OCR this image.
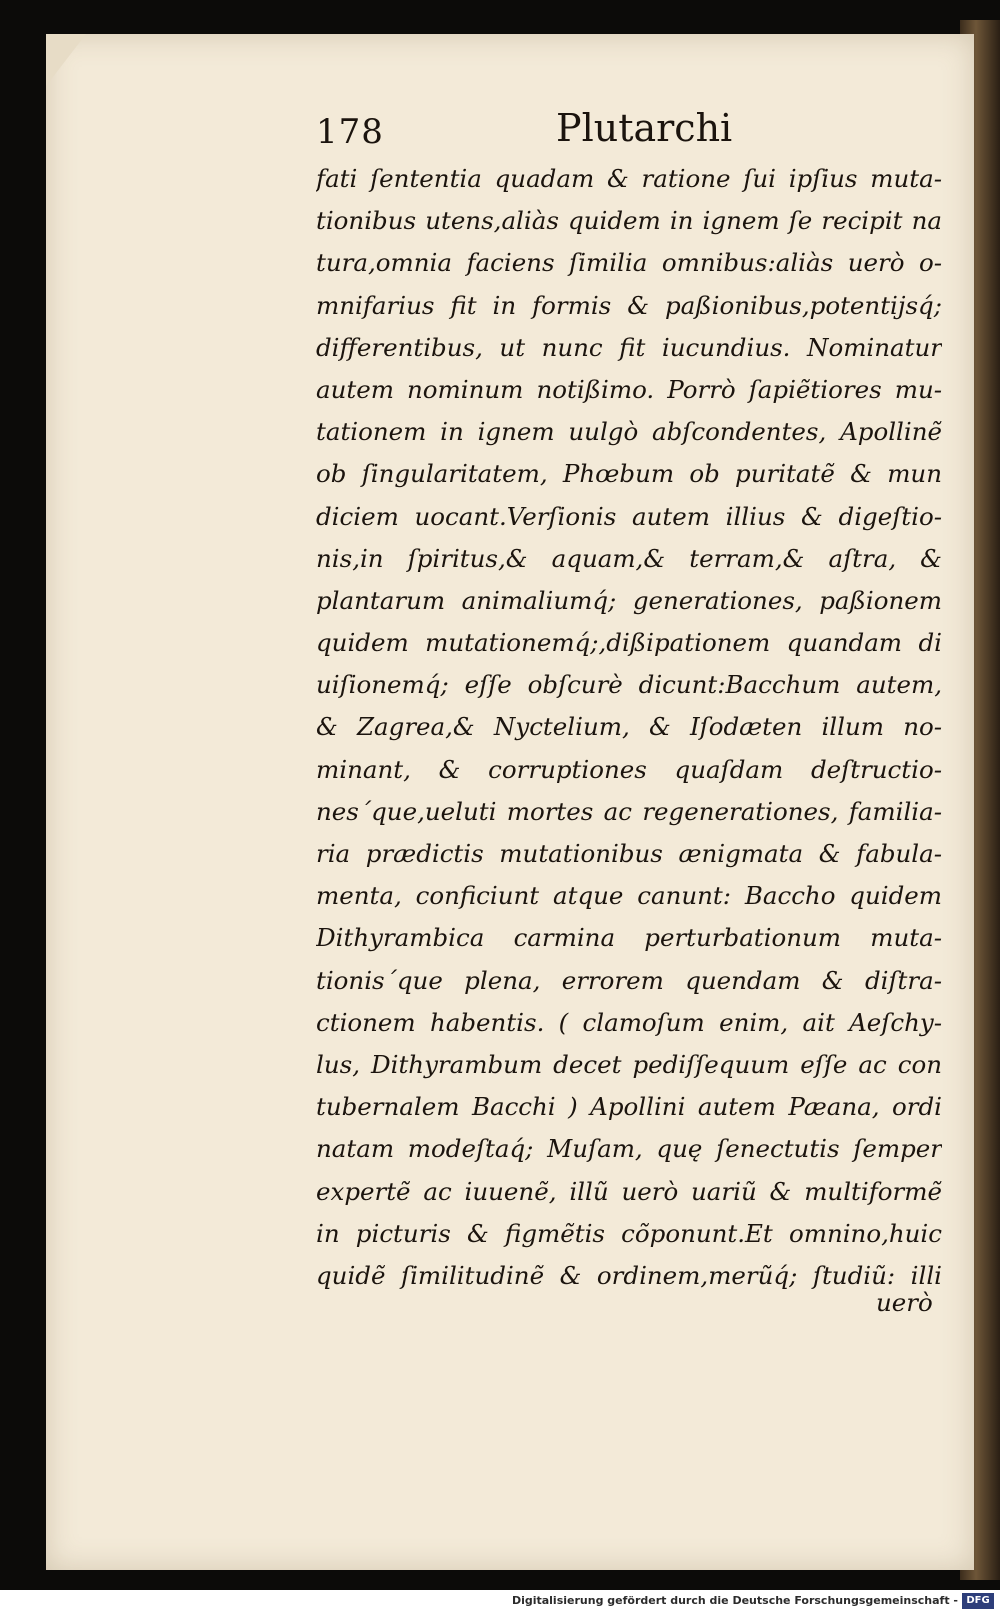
178	Plutarchi
fati ſententia quadam & ratione ſui ipſius muta-
tionibus utens,aliàs quidem in ignem ſe recipit na
tura,omnia faciens ſimilia omnibus:aliàs uerò o-
mnifarius fit in formis & paßionibus,potentijsq́;
differentibus, ut nunc fit iucundius. Nominatur
autem nominum notißimo. Porrò ſapiẽtiores mu-
tationem in ignem uulgò abſcondentes, Apollinẽ
ob ſingularitatem, Phœbum ob puritatẽ & mun
diciem uocant.Verſionis autem illius & digeſtio-
nis,in ſpiritus,& aquam,& terram,& aſtra, &
plantarum animaliumq́; generationes, paßionem
quidem mutationemq́;,dißipationem quandam di
uiſionemq́; eſſe obſcurè dicunt:Bacchum autem,
& Zagrea,& Nyctelium, & Iſodæten illum no-
minant, & corruptiones quaſdam deſtructio-
nes´que,ueluti mortes ac regenerationes, familia-
ria prædictis mutationibus ænigmata & fabula-
menta, conficiunt atque canunt: Baccho quidem
Dithyrambica carmina perturbationum muta-
tionis´que plena, errorem quendam & diſtra-
ctionem habentis. ( clamoſum enim, ait Aeſchy-
lus, Dithyrambum decet pediſſequum eſſe ac con
tubernalem Bacchi ) Apollini autem Pæana, ordi
natam modeſtaq́; Muſam, quę ſenectutis ſemper
expertẽ ac iuuenẽ, illũ uerò uariũ & multiformẽ
in picturis & figmẽtis cõponunt.Et omnino,huic
quidẽ ſimilitudinẽ & ordinem,merũq́; ſtudiũ: illi
uerò
Digitalisierung gefördert durch die Deutsche Forschungsgemeinschaft - DFG
